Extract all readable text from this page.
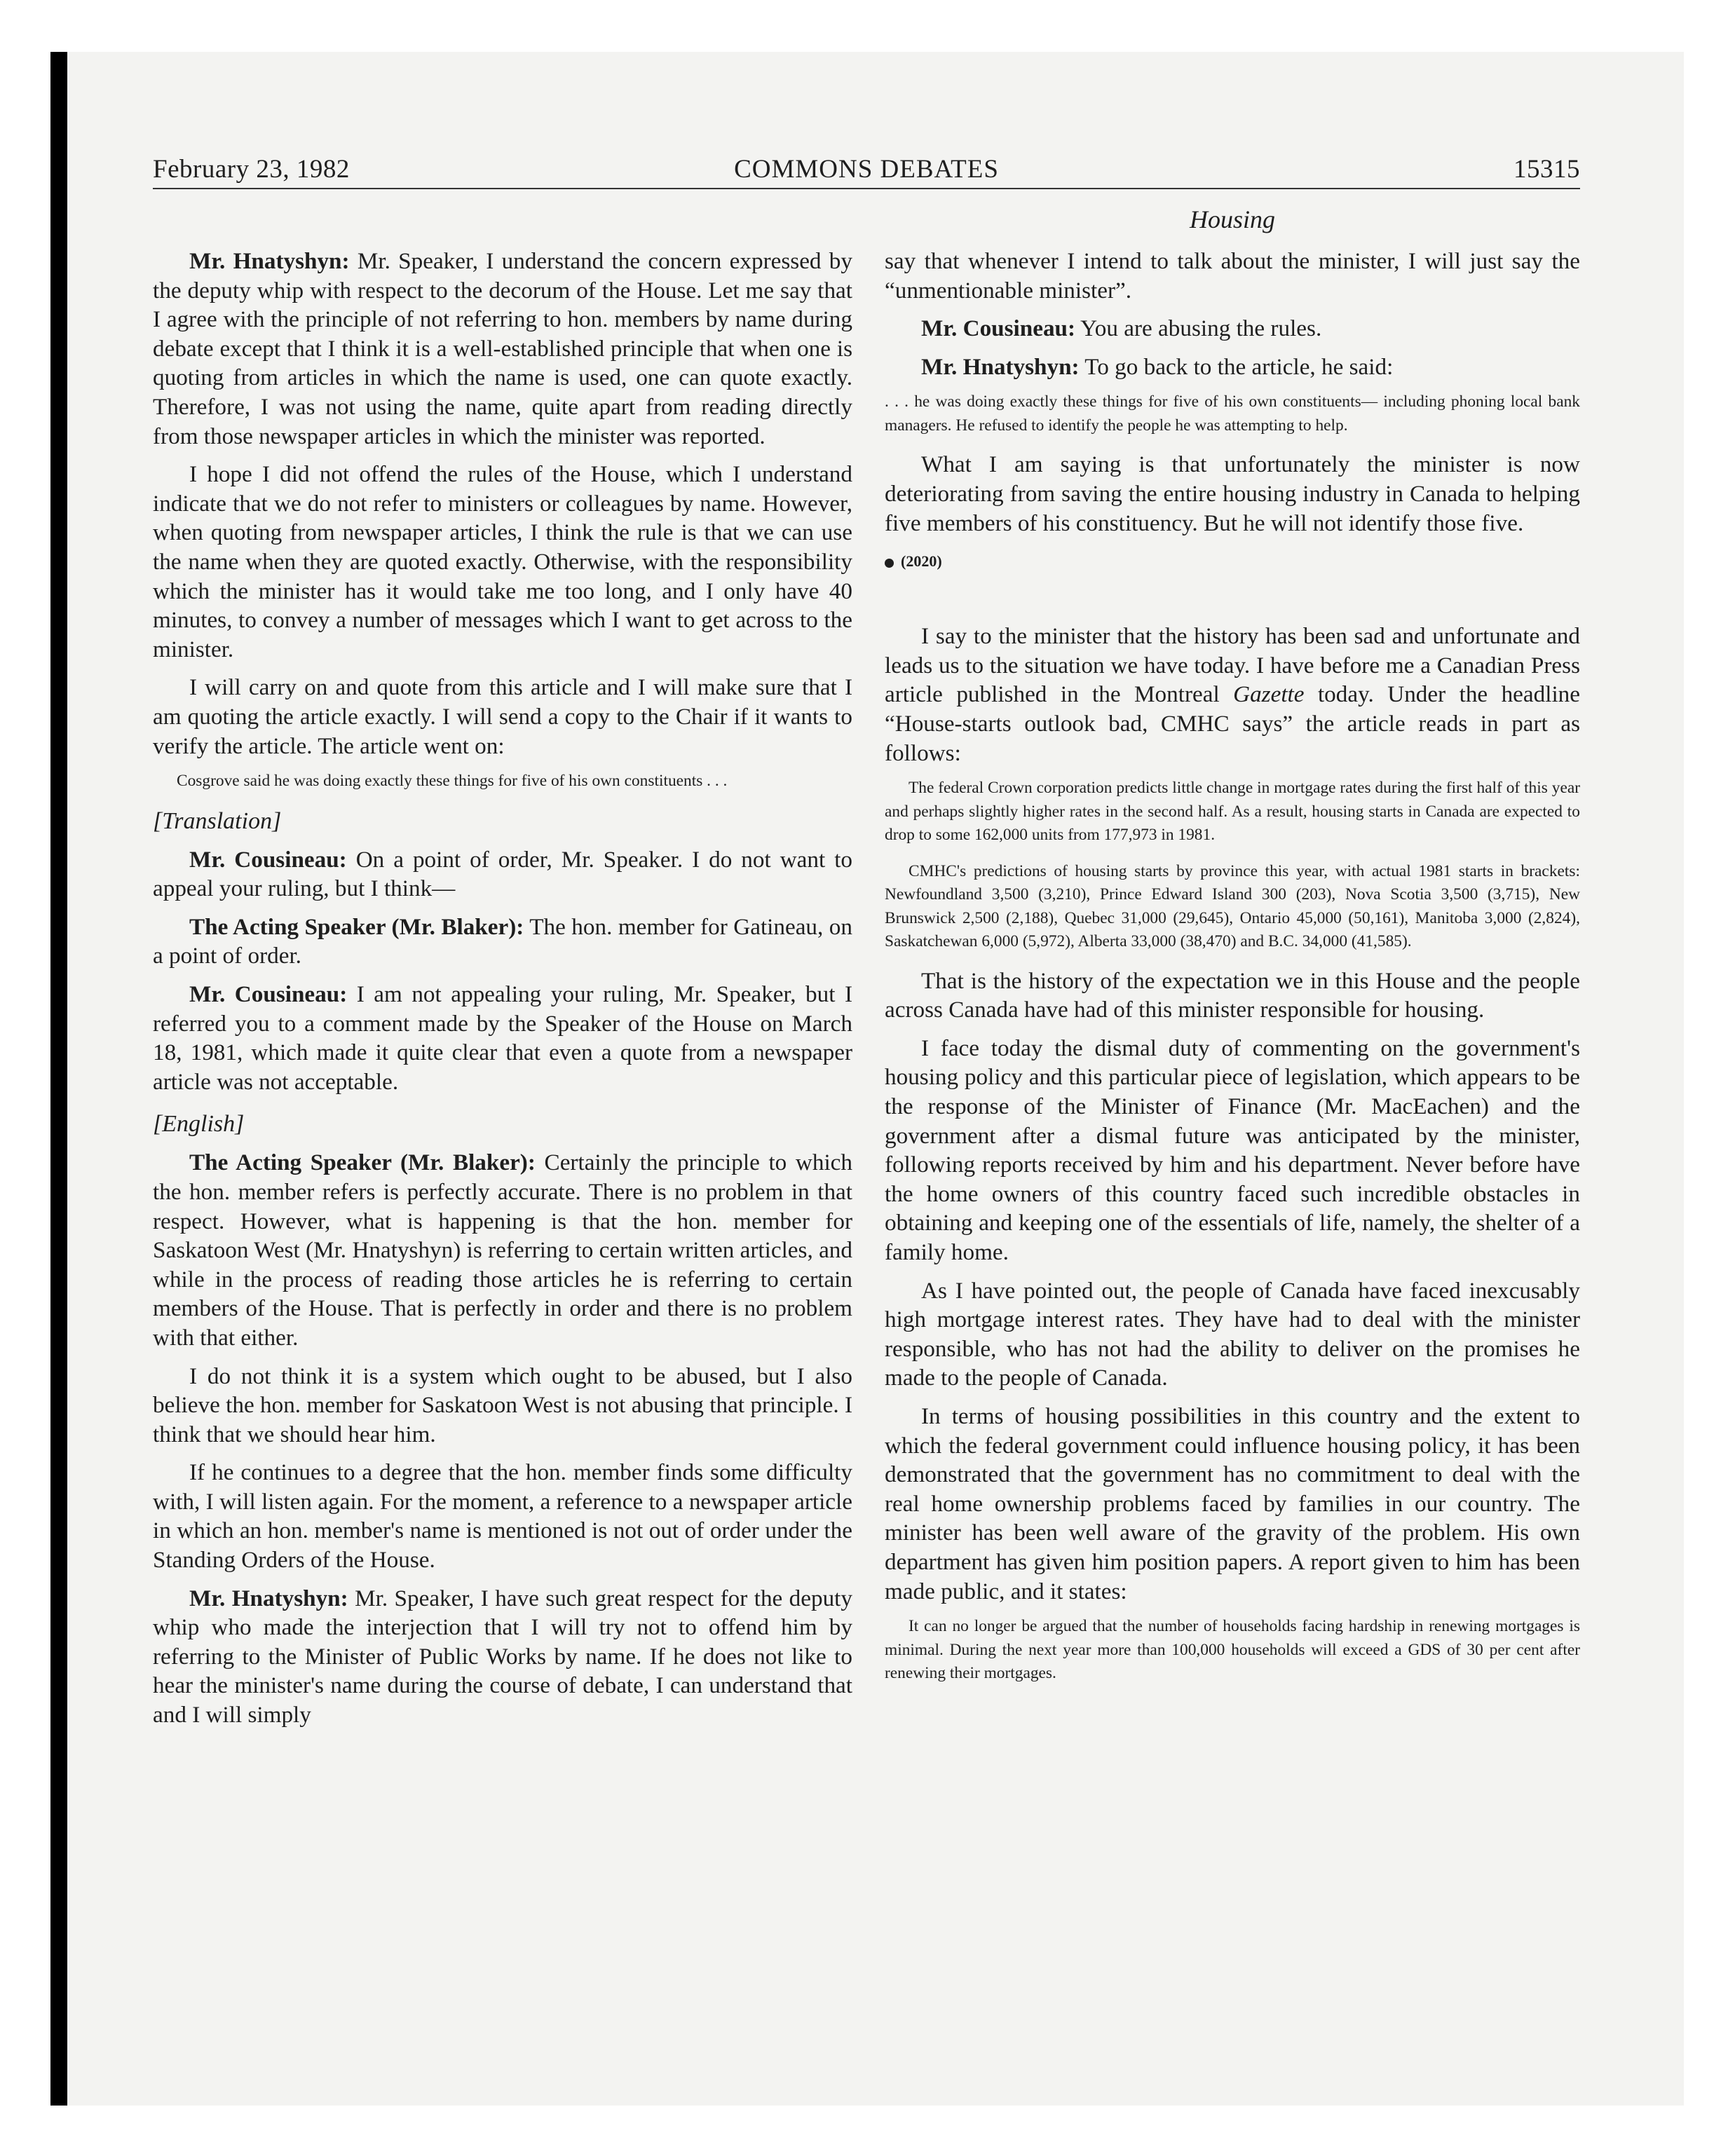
February 23, 1982	COMMONS DEBATES	15315
Housing

Mr. Hnatyshyn: Mr. Speaker, I understand the concern expressed by the deputy whip with respect to the decorum of the House. Let me say that I agree with the principle of not referring to hon. members by name during debate except that I think it is a well-established principle that when one is quoting from articles in which the name is used, one can quote exactly. Therefore, I was not using the name, quite apart from reading directly from those newspaper articles in which the minister was reported.

I hope I did not offend the rules of the House, which I understand indicate that we do not refer to ministers or colleagues by name. However, when quoting from newspaper articles, I think the rule is that we can use the name when they are quoted exactly. Otherwise, with the responsibility which the minister has it would take me too long, and I only have 40 minutes, to convey a number of messages which I want to get across to the minister.

I will carry on and quote from this article and I will make sure that I am quoting the article exactly. I will send a copy to the Chair if it wants to verify the article. The article went on:

Cosgrove said he was doing exactly these things for five of his own constituents . . .
[Translation]

Mr. Cousineau: On a point of order, Mr. Speaker. I do not want to appeal your ruling, but I think—

The Acting Speaker (Mr. Blaker): The hon. member for Gatineau, on a point of order.

Mr. Cousineau: I am not appealing your ruling, Mr. Speaker, but I referred you to a comment made by the Speaker of the House on March 18, 1981, which made it quite clear that even a quote from a newspaper article was not acceptable.

[English]

The Acting Speaker (Mr. Blaker): Certainly the principle to which the hon. member refers is perfectly accurate. There is no problem in that respect. However, what is happening is that the hon. member for Saskatoon West (Mr. Hnatyshyn) is referring to certain written articles, and while in the process of reading those articles he is referring to certain members of the House. That is perfectly in order and there is no problem with that either.

I do not think it is a system which ought to be abused, but I also believe the hon. member for Saskatoon West is not abusing that principle. I think that we should hear him.

If he continues to a degree that the hon. member finds some difficulty with, I will listen again. For the moment, a reference to a newspaper article in which an hon. member's name is mentioned is not out of order under the Standing Orders of the House.

Mr. Hnatyshyn: Mr. Speaker, I have such great respect for the deputy whip who made the interjection that I will try not to offend him by referring to the Minister of Public Works by name. If he does not like to hear the minister's name during the course of debate, I can understand that and I will simply

say that whenever I intend to talk about the minister, I will just say the “unmentionable minister”.

Mr. Cousineau: You are abusing the rules.

Mr. Hnatyshyn: To go back to the article, he said:

. . . he was doing exactly these things for five of his own constituents— including phoning local bank managers. He refused to identify the people he was attempting to help.

What I am saying is that unfortunately the minister is now deteriorating from saving the entire housing industry in Canada to helping five members of his constituency. But he will not identify those five.

(2020)

I say to the minister that the history has been sad and unfortunate and leads us to the situation we have today. I have before me a Canadian Press article published in the Montreal Gazette today. Under the headline “House-starts outlook bad, CMHC says” the article reads in part as follows:

The federal Crown corporation predicts little change in mortgage rates during the first half of this year and perhaps slightly higher rates in the second half. As a result, housing starts in Canada are expected to drop to some 162,000 units from 177,973 in 1981.
CMHC's predictions of housing starts by province this year, with actual 1981 starts in brackets: Newfoundland 3,500 (3,210), Prince Edward Island 300 (203), Nova Scotia 3,500 (3,715), New Brunswick 2,500 (2,188), Quebec 31,000 (29,645), Ontario 45,000 (50,161), Manitoba 3,000 (2,824), Saskatchewan 6,000 (5,972), Alberta 33,000 (38,470) and B.C. 34,000 (41,585).

That is the history of the expectation we in this House and the people across Canada have had of this minister responsible for housing.

I face today the dismal duty of commenting on the government's housing policy and this particular piece of legislation, which appears to be the response of the Minister of Finance (Mr. MacEachen) and the government after a dismal future was anticipated by the minister, following reports received by him and his department. Never before have the home owners of this country faced such incredible obstacles in obtaining and keeping one of the essentials of life, namely, the shelter of a family home.

As I have pointed out, the people of Canada have faced inexcusably high mortgage interest rates. They have had to deal with the minister responsible, who has not had the ability to deliver on the promises he made to the people of Canada.

In terms of housing possibilities in this country and the extent to which the federal government could influence housing policy, it has been demonstrated that the government has no commitment to deal with the real home ownership problems faced by families in our country. The minister has been well aware of the gravity of the problem. His own department has given him position papers. A report given to him has been made public, and it states:

It can no longer be argued that the number of households facing hardship in renewing mortgages is minimal. During the next year more than 100,000 households will exceed a GDS of 30 per cent after renewing their mortgages.
